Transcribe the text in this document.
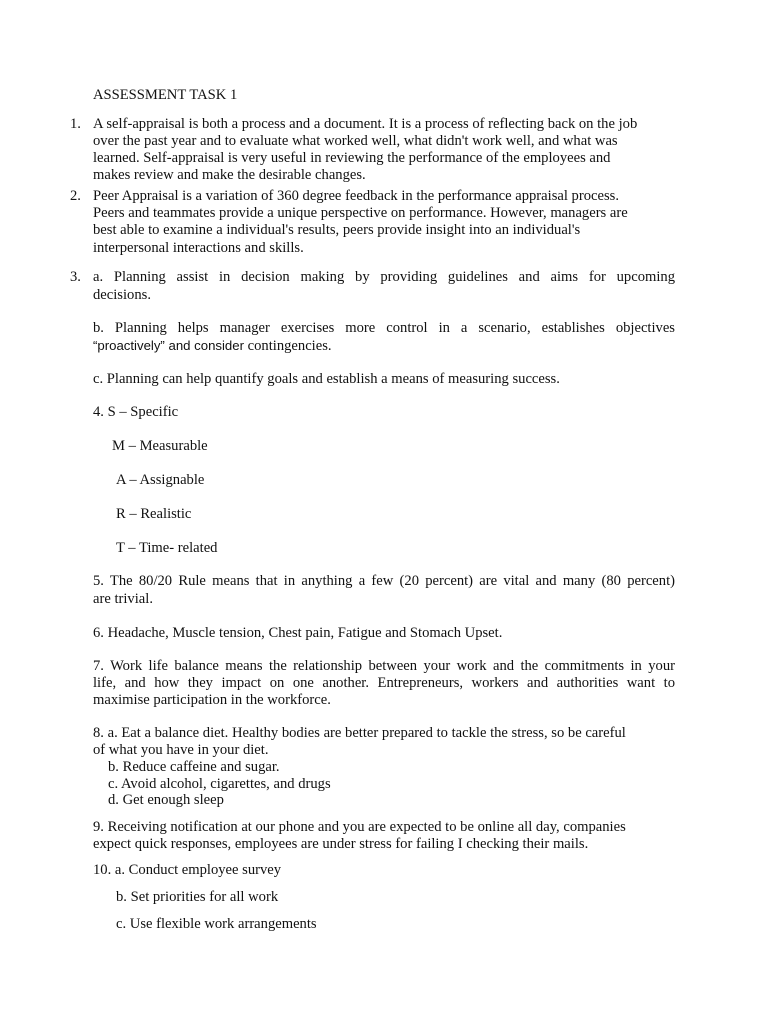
ASSESSMENT TASK 1
1. A self-appraisal is both a process and a document. It is a process of reflecting back on the job
over the past year and to evaluate what worked well, what didn't work well, and what was
learned. Self-appraisal is very useful in reviewing the performance of the employees and
makes review and make the desirable changes.
2. Peer Appraisal is a variation of 360 degree feedback in the performance appraisal process.
Peers and teammates provide a unique perspective on performance. However, managers are
best able to examine a individual's results, peers provide insight into an individual's
interpersonal interactions and skills.
3. a. Planning assist in decision making by providing guidelines and aims for upcoming
decisions.
b. Planning helps manager exercises more control in a scenario, establishes objectives
“proactively” and consider contingencies.
c. Planning can help quantify goals and establish a means of measuring success.
4. S – Specific
M – Measurable
A – Assignable
R – Realistic
T – Time- related
5. The 80/20 Rule means that in anything a few (20 percent) are vital and many (80 percent)
are trivial.
6. Headache, Muscle tension, Chest pain, Fatigue and Stomach Upset.
7. Work life balance means the relationship between your work and the commitments in your
life, and how they impact on one another. Entrepreneurs, workers and authorities want to
maximise participation in the workforce.
8. a. Eat a balance diet. Healthy bodies are better prepared to tackle the stress, so be careful
of what you have in your diet.
b. Reduce caffeine and sugar.
c. Avoid alcohol, cigarettes, and drugs
d. Get enough sleep
9. Receiving notification at our phone and you are expected to be online all day, companies
expect quick responses, employees are under stress for failing I checking their mails.
10. a. Conduct employee survey
b. Set priorities for all work
c. Use flexible work arrangements
